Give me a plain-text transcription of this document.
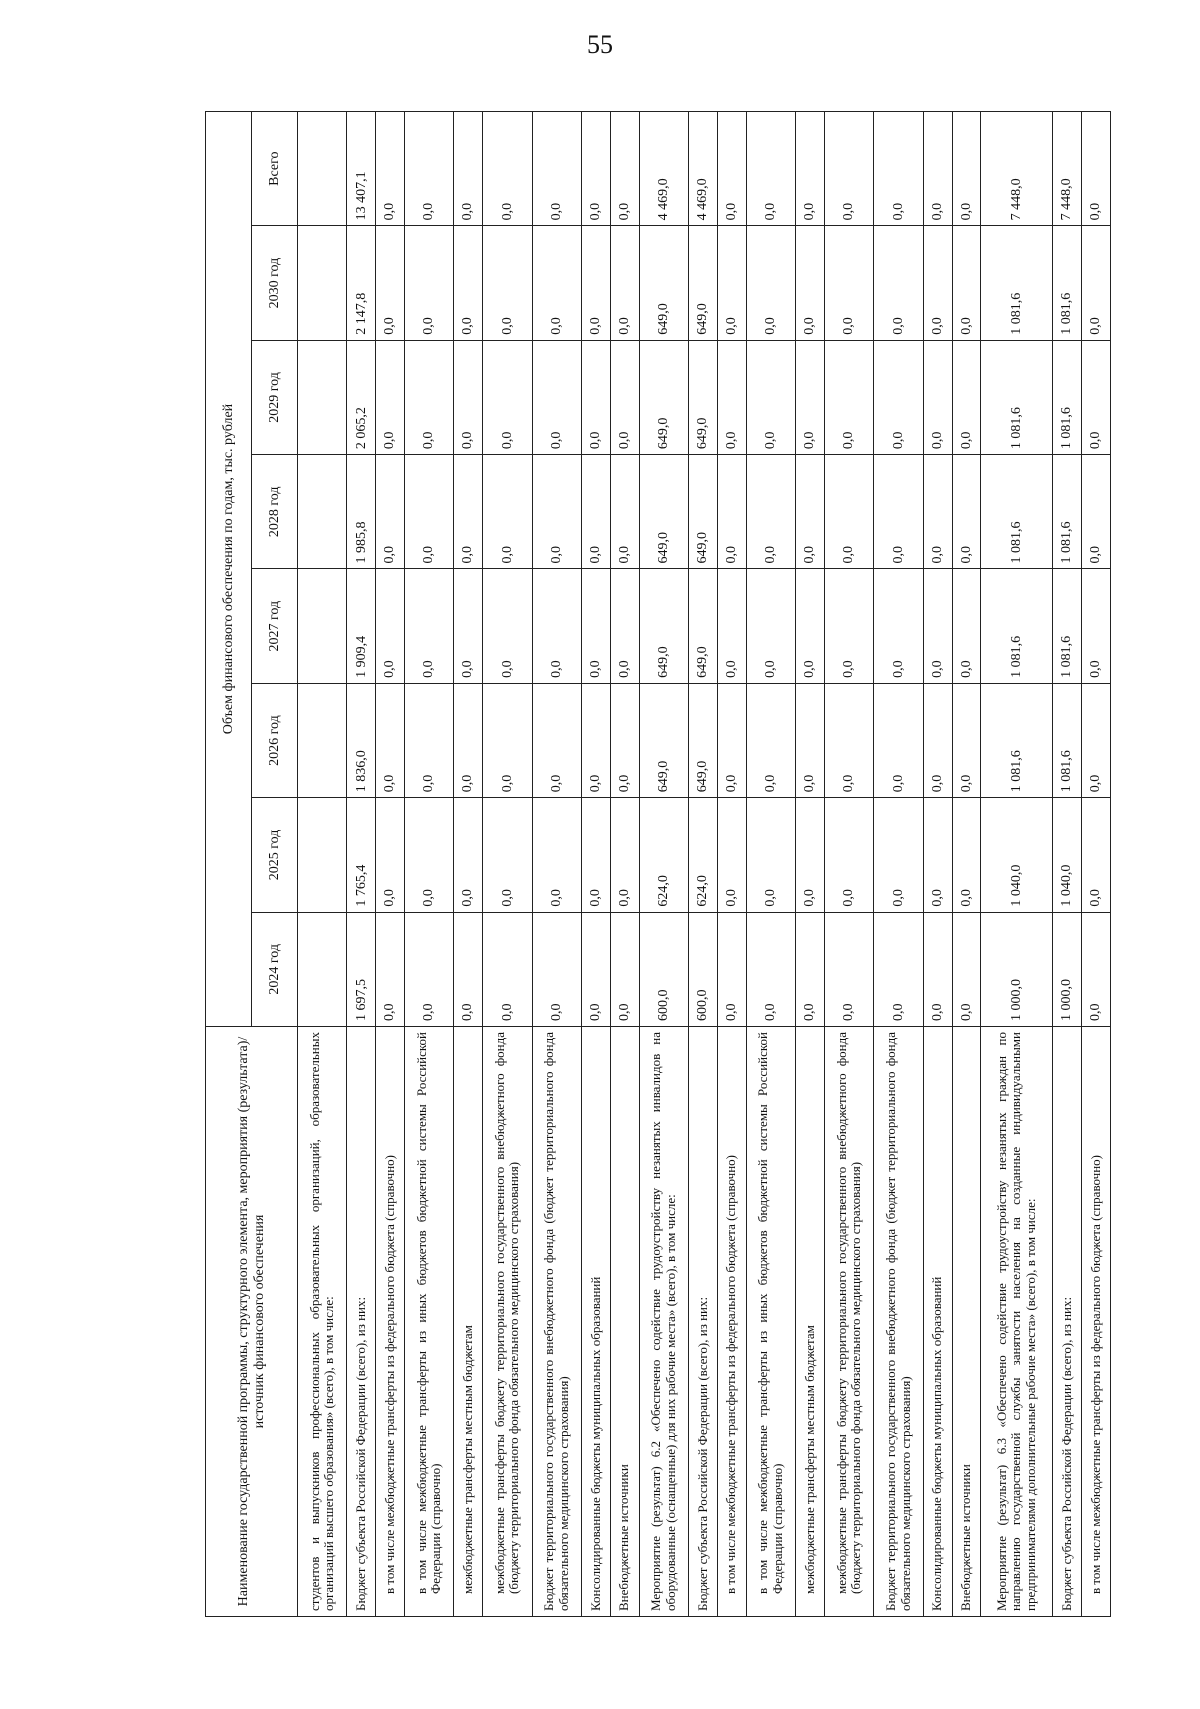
55
Наименование государственной программы, структурного элемента, мероприятия (результата)/источник финансового обеспечения	Объем финансового обеспечения по годам, тыс. рублей							
	2024 год	2025 год	2026 год	2027 год	2028 год	2029 год	2030 год	Всего
студентов и выпускников профессиональных образовательных организаций, образовательных организаций высшего образования» (всего), в том числе:								
Бюджет субъекта Российской Федерации (всего), из них:	1 697,5	1 765,4	1 836,0	1 909,4	1 985,8	2 065,2	2 147,8	13 407,1
в том числе межбюджетные трансферты из федерального бюджета (справочно)	0,0	0,0	0,0	0,0	0,0	0,0	0,0	0,0
в том числе межбюджетные трансферты из иных бюджетов бюджетной системы Российской Федерации (справочно)	0,0	0,0	0,0	0,0	0,0	0,0	0,0	0,0
межбюджетные трансферты местным бюджетам	0,0	0,0	0,0	0,0	0,0	0,0	0,0	0,0
межбюджетные трансферты бюджету территориального государственного внебюджетного фонда (бюджету территориального фонда обязательного медицинского страхования)	0,0	0,0	0,0	0,0	0,0	0,0	0,0	0,0
Бюджет территориального государственного внебюджетного фонда (бюджет территориального фонда обязательного медицинского страхования)	0,0	0,0	0,0	0,0	0,0	0,0	0,0	0,0
Консолидированные бюджеты муниципальных образований	0,0	0,0	0,0	0,0	0,0	0,0	0,0	0,0
Внебюджетные источники	0,0	0,0	0,0	0,0	0,0	0,0	0,0	0,0
Мероприятие (результат) 6.2 «Обеспечено содействие трудоустройству незанятых инвалидов на оборудованные (оснащенные) для них рабочие места» (всего), в том числе:	600,0	624,0	649,0	649,0	649,0	649,0	649,0	4 469,0
Бюджет субъекта Российской Федерации (всего), из них:	600,0	624,0	649,0	649,0	649,0	649,0	649,0	4 469,0
в том числе межбюджетные трансферты из федерального бюджета (справочно)	0,0	0,0	0,0	0,0	0,0	0,0	0,0	0,0
в том числе межбюджетные трансферты из иных бюджетов бюджетной системы Российской Федерации (справочно)	0,0	0,0	0,0	0,0	0,0	0,0	0,0	0,0
межбюджетные трансферты местным бюджетам	0,0	0,0	0,0	0,0	0,0	0,0	0,0	0,0
межбюджетные трансферты бюджету территориального государственного внебюджетного фонда (бюджету территориального фонда обязательного медицинского страхования)	0,0	0,0	0,0	0,0	0,0	0,0	0,0	0,0
Бюджет территориального государственного внебюджетного фонда (бюджет территориального фонда обязательного медицинского страхования)	0,0	0,0	0,0	0,0	0,0	0,0	0,0	0,0
Консолидированные бюджеты муниципальных образований	0,0	0,0	0,0	0,0	0,0	0,0	0,0	0,0
Внебюджетные источники	0,0	0,0	0,0	0,0	0,0	0,0	0,0	0,0
Мероприятие (результат) 6.3 «Обеспечено содействие трудоустройству незанятых граждан по направлению государственной службы занятости населения на созданные индивидуальными предпринимателями дополнительные рабочие места» (всего), в том числе:	1 000,0	1 040,0	1 081,6	1 081,6	1 081,6	1 081,6	1 081,6	7 448,0
Бюджет субъекта Российской Федерации (всего), из них:	1 000,0	1 040,0	1 081,6	1 081,6	1 081,6	1 081,6	1 081,6	7 448,0
в том числе межбюджетные трансферты из федерального бюджета (справочно)	0,0	0,0	0,0	0,0	0,0	0,0	0,0	0,0
